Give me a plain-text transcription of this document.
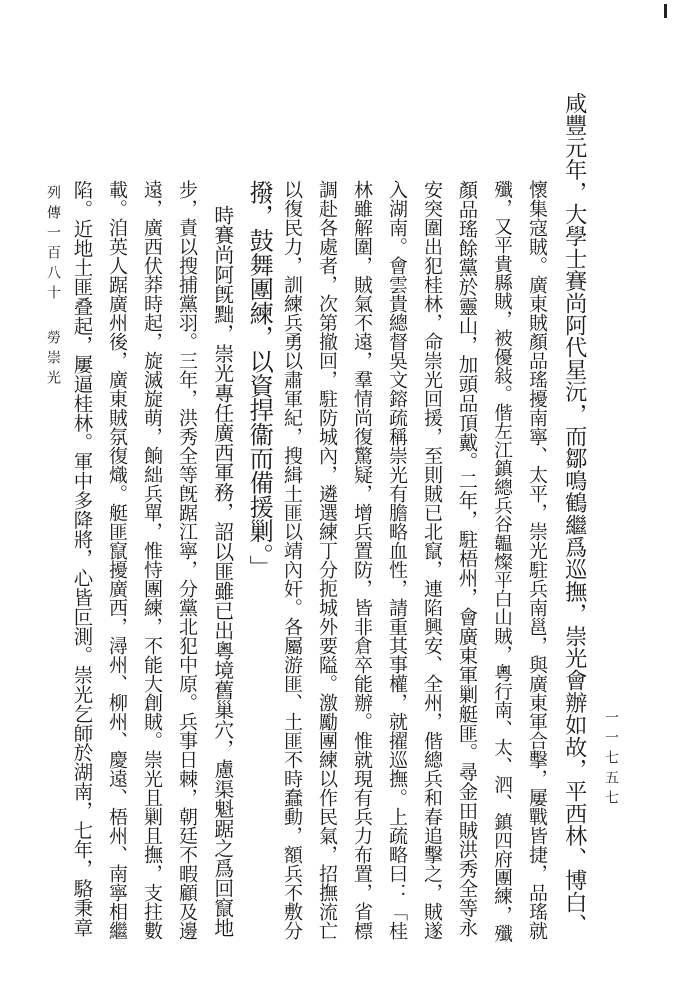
咸豐元年，大學士賽尚阿代星沅，而鄒鳴鶴繼爲巡撫，崇光會辦如故，平西林、博白、
懷集寇賊。廣東賊顏品瑤擾南寧、太平，崇光駐兵南邕，與廣東軍合擊，屢戰皆捷，品瑤就
殲，又平貴縣賊，被優敍。偕左江鎮總兵谷韞燦平白山賊，粵行南、太、泗、鎮四府團練，殲
顏品瑤餘黨於靈山，加頭品頂戴。二年，駐梧州，會廣東軍剿艇匪。尋金田賊洪秀全等永
安突圍出犯桂林，命崇光回援，至則賊已北竄，連陷興安、全州，偕總兵和春追擊之，賊遂
入湖南。會雲貴總督吳文鎔疏稱崇光有膽略血性，請重其事權，就擢巡撫。上疏略曰：「桂
林雖解圍，賊氣不遠，羣情尚復驚疑，增兵置防，皆非倉卒能辦。惟就現有兵力布置，省標
調赴各處者，次第撤回，駐防城內，遴選練丁分扼城外要隘。激勵團練以作民氣，招撫流亡
以復民力，訓練兵勇以肅軍紀，搜緝土匪以靖內奸。各屬游匪、土匪不時蠢動，額兵不敷分
撥，鼓舞團練，以資捍衞而備援剿。」
時賽尚阿旣黜，崇光專任廣西軍務，詔以匪雖已出粵境舊巢穴，慮渠魁踞之爲回竄地
步，責以搜捕黨羽。三年，洪秀全等旣踞江寧，分黨北犯中原。兵事日棘，朝廷不暇顧及邊
遠，廣西伏莽時起，旋滅旋萌，餉絀兵單，惟恃團練，不能大創賊。崇光且剿且撫，支拄數
載。洎英人踞廣州後，廣東賊氛復熾。艇匪竄擾廣西，潯州、柳州、慶遠、梧州、南寧相繼
陷。近地土匪叠起，屢逼桂林。軍中多降將，心皆叵測。崇光乞師於湖南，七年，駱秉章
列傳一百八十
勞崇光
一一七五七
